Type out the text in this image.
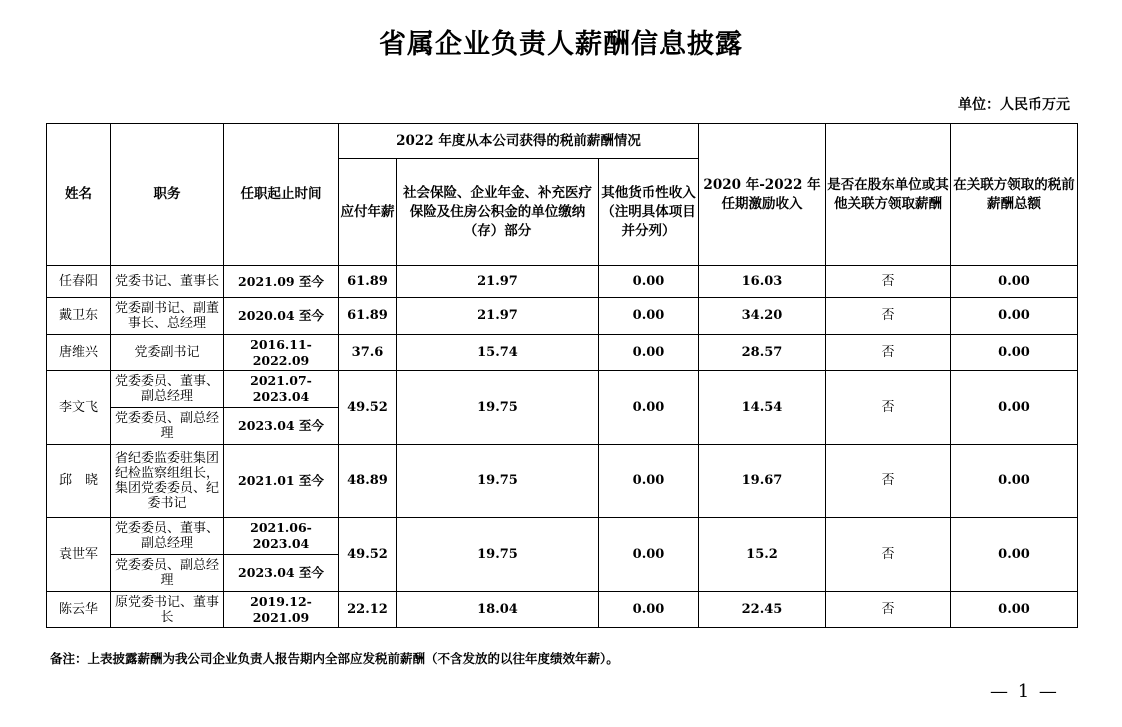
省属企业负责人薪酬信息披露
单位：人民币万元
姓名	职务	任职起止时间	2022 年度从本公司获得的税前薪酬情况			2020 年-2022 年任期激励收入	是否在股东单位或其他关联方领取薪酬	在关联方领取的税前薪酬总额
			应付年薪	社会保险、企业年金、补充医疗保险及住房公积金的单位缴纳（存）部分	其他货币性收入（注明具体项目并分列）			
任春阳	党委书记、董事长	2021.09 至今	61.89	21.97	0.00	16.03	否	0.00
戴卫东	党委副书记、副董事长、总经理	2020.04 至今	61.89	21.97	0.00	34.20	否	0.00
唐维兴	党委副书记	2016.11-2022.09	37.6	15.74	0.00	28.57	否	0.00
李文飞	党委委员、董事、副总经理	2021.07-2023.04	49.52	19.75	0.00	14.54	否	0.00
	党委委员、副总经理	2023.04 至今						
邱　晓	省纪委监委驻集团纪检监察组组长，集团党委委员、纪委书记	2021.01 至今	48.89	19.75	0.00	19.67	否	0.00
袁世军	党委委员、董事、副总经理	2021.06-2023.04	49.52	19.75	0.00	15.2	否	0.00
	党委委员、副总经理	2023.04 至今						
陈云华	原党委书记、董事长	2019.12-2021.09	22.12	18.04	0.00	22.45	否	0.00
备注：上表披露薪酬为我公司企业负责人报告期内全部应发税前薪酬（不含发放的以往年度绩效年薪）。
— 1 —
